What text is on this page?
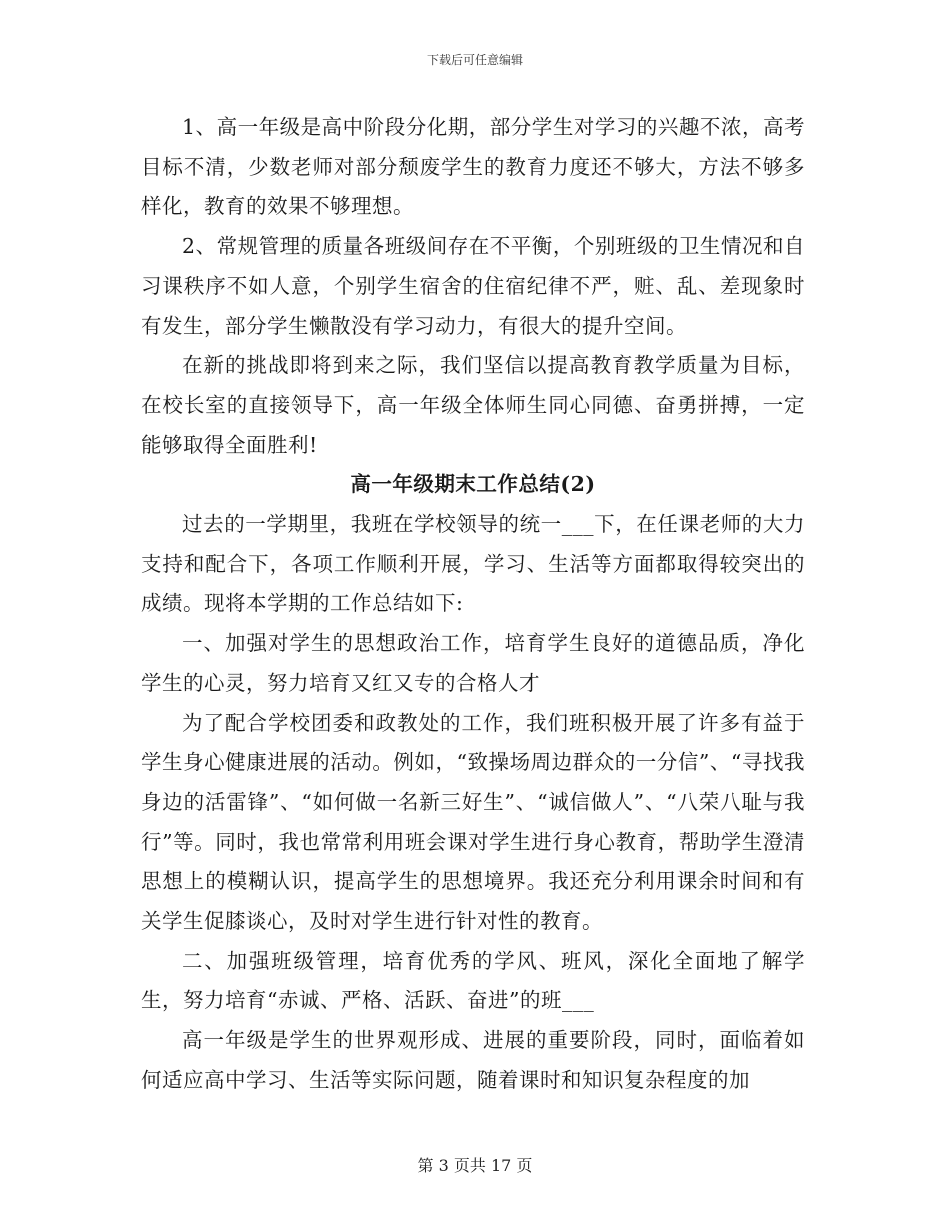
下载后可任意编辑

1、高一年级是高中阶段分化期，部分学生对学习的兴趣不浓，高考目标不清，少数老师对部分颓废学生的教育力度还不够大，方法不够多样化，教育的效果不够理想。

2、常规管理的质量各班级间存在不平衡，个别班级的卫生情况和自习课秩序不如人意，个别学生宿舍的住宿纪律不严，赃、乱、差现象时有发生，部分学生懒散没有学习动力，有很大的提升空间。

在新的挑战即将到来之际，我们坚信以提高教育教学质量为目标，在校长室的直接领导下，高一年级全体师生同心同德、奋勇拼搏，一定能够取得全面胜利!

高一年级期末工作总结(2)

过去的一学期里，我班在学校领导的统一___下，在任课老师的大力支持和配合下，各项工作顺利开展，学习、生活等方面都取得较突出的成绩。现将本学期的工作总结如下:

一、加强对学生的思想政治工作，培育学生良好的道德品质，净化学生的心灵，努力培育又红又专的合格人才

为了配合学校团委和政教处的工作，我们班积极开展了许多有益于学生身心健康进展的活动。例如，“致操场周边群众的一分信”、“寻找我身边的活雷锋”、“如何做一名新三好生”、“诚信做人”、“八荣八耻与我行”等。同时，我也常常利用班会课对学生进行身心教育，帮助学生澄清思想上的模糊认识，提高学生的思想境界。我还充分利用课余时间和有关学生促膝谈心，及时对学生进行针对性的教育。

二、加强班级管理，培育优秀的学风、班风，深化全面地了解学生，努力培育“赤诚、严格、活跃、奋进”的班___

高一年级是学生的世界观形成、进展的重要阶段，同时，面临着如何适应高中学习、生活等实际问题，随着课时和知识复杂程度的加

第 3 页共 17 页
